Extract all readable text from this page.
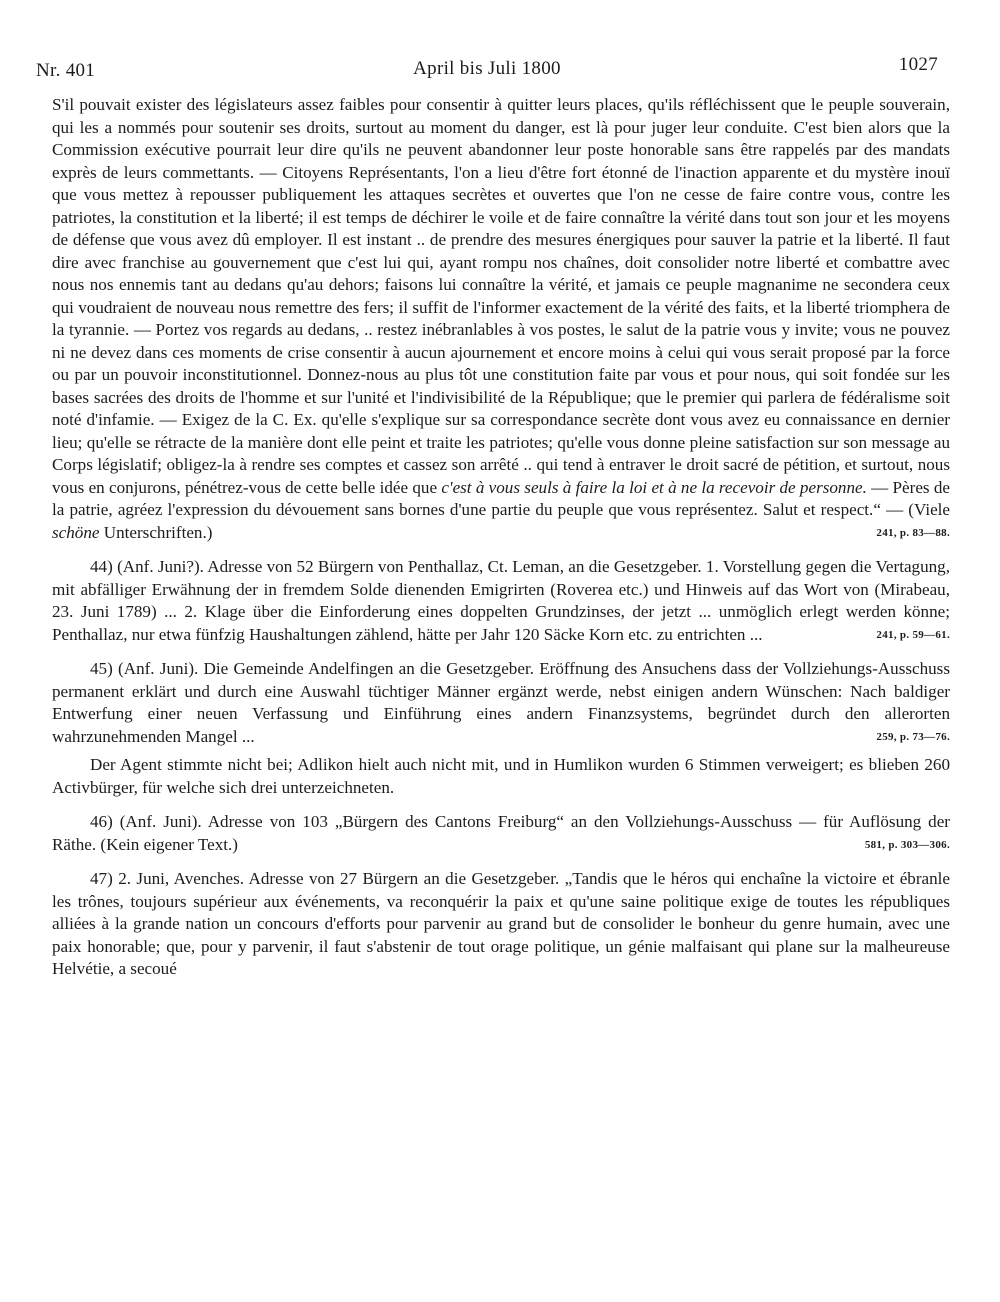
Nr. 401	April bis Juli 1800	1027

S'il pouvait exister des législateurs assez faibles pour consentir à quitter leurs places, qu'ils réfléchissent que le peuple souverain, qui les a nommés pour soutenir ses droits, surtout au moment du danger, est là pour juger leur conduite. C'est bien alors que la Commission exécutive pourrait leur dire qu'ils ne peuvent abandonner leur poste honorable sans être rappelés par des mandats exprès de leurs commettants. — Citoyens Représentants, l'on a lieu d'être fort étonné de l'inaction apparente et du mystère inouï que vous mettez à repousser publiquement les attaques secrètes et ouvertes que l'on ne cesse de faire contre vous, contre les patriotes, la constitution et la liberté; il est temps de déchirer le voile et de faire connaître la vérité dans tout son jour et les moyens de défense que vous avez dû employer. Il est instant .. de prendre des mesures énergiques pour sauver la patrie et la liberté. Il faut dire avec franchise au gouvernement que c'est lui qui, ayant rompu nos chaînes, doit consolider notre liberté et combattre avec nous nos ennemis tant au dedans qu'au dehors; faisons lui connaître la vérité, et jamais ce peuple magnanime ne secondera ceux qui voudraient de nouveau nous remettre des fers; il suffit de l'informer exactement de la vérité des faits, et la liberté triomphera de la tyrannie. — Portez vos regards au dedans, .. restez inébranlables à vos postes, le salut de la patrie vous y invite; vous ne pouvez ni ne devez dans ces moments de crise consentir à aucun ajournement et encore moins à celui qui vous serait proposé par la force ou par un pouvoir inconstitutionnel. Donnez-nous au plus tôt une constitution faite par vous et pour nous, qui soit fondée sur les bases sacrées des droits de l'homme et sur l'unité et l'indivisibilité de la République; que le premier qui parlera de fédéralisme soit noté d'infamie. — Exigez de la C. Ex. qu'elle s'explique sur sa correspondance secrète dont vous avez eu connaissance en dernier lieu; qu'elle se rétracte de la manière dont elle peint et traite les patriotes; qu'elle vous donne pleine satisfaction sur son message au Corps législatif; obligez-la à rendre ses comptes et cassez son arrêté .. qui tend à entraver le droit sacré de pétition, et surtout, nous vous en conjurons, pénétrez-vous de cette belle idée que c'est à vous seuls à faire la loi et à ne la recevoir de personne. — Pères de la patrie, agréez l'expression du dévouement sans bornes d'une partie du peuple que vous représentez. Salut et respect.“ — (Viele schöne Unterschriften.)	241, p. 83—88.

44) (Anf. Juni?). Adresse von 52 Bürgern von Penthallaz, Ct. Leman, an die Gesetzgeber. 1. Vorstellung gegen die Vertagung, mit abfälliger Erwähnung der in fremdem Solde dienenden Emigrirten (Roverea etc.) und Hinweis auf das Wort von (Mirabeau, 23. Juni 1789) ... 2. Klage über die Einforderung eines doppelten Grundzinses, der jetzt ... unmöglich erlegt werden könne; Penthallaz, nur etwa fünfzig Haushaltungen zählend, hätte per Jahr 120 Säcke Korn etc. zu entrichten ...	241, p. 59—61.

45) (Anf. Juni). Die Gemeinde Andelfingen an die Gesetzgeber. Eröffnung des Ansuchens dass der Vollziehungs-Ausschuss permanent erklärt und durch eine Auswahl tüchtiger Männer ergänzt werde, nebst einigen andern Wünschen: Nach baldiger Entwerfung einer neuen Verfassung und Einführung eines andern Finanzsystems, begründet durch den allerorten wahrzunehmenden Mangel ...	259, p. 73—76.

Der Agent stimmte nicht bei; Adlikon hielt auch nicht mit, und in Humlikon wurden 6 Stimmen verweigert; es blieben 260 Activbürger, für welche sich drei unterzeichneten.

46) (Anf. Juni). Adresse von 103 „Bürgern des Cantons Freiburg“ an den Vollziehungs-Ausschuss — für Auflösung der Räthe. (Kein eigener Text.)	581, p. 303—306.

47) 2. Juni, Avenches. Adresse von 27 Bürgern an die Gesetzgeber. „Tandis que le héros qui enchaîne la victoire et ébranle les trônes, toujours supérieur aux événements, va reconquérir la paix et qu'une saine politique exige de toutes les républiques alliées à la grande nation un concours d'efforts pour parvenir au grand but de consolider le bonheur du genre humain, avec une paix honorable; que, pour y parvenir, il faut s'abstenir de tout orage politique, un génie malfaisant qui plane sur la malheureuse Helvétie, a secoué
